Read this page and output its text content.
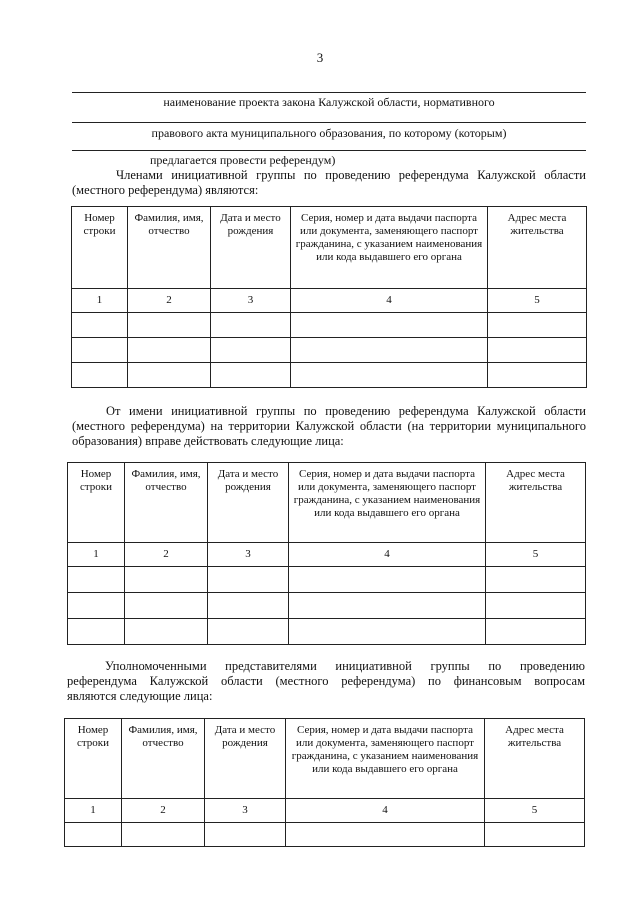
3
наименование проекта закона Калужской области, нормативного
правового акта муниципального образования, по которому (которым)
предлагается провести референдум)
Членами инициативной группы по проведению референдума Калужской области
(местного референдума) являются:
Номер строки	Фамилия, имя, отчество	Дата и место рождения	Серия, номер и дата выдачи паспорта или документа, заменяющего паспорт гражданина, с указанием наименования или кода выдавшего его органа	Адрес места жительства
1	2	3	4	5

От имени инициативной группы по проведению референдума Калужской области
(местного референдума) на территории Калужской области (на территории муниципального
образования) вправе действовать следующие лица:
Номер строки	Фамилия, имя, отчество	Дата и место рождения	Серия, номер и дата выдачи паспорта или документа, заменяющего паспорт гражданина, с указанием наименования или кода выдавшего его органа	Адрес места жительства
1	2	3	4	5

Уполномоченными представителями инициативной группы по проведению
референдума Калужской области (местного референдума) по финансовым вопросам
являются следующие лица:
Номер строки	Фамилия, имя, отчество	Дата и место рождения	Серия, номер и дата выдачи паспорта или документа, заменяющего паспорт гражданина, с указанием наименования или кода выдавшего его органа	Адрес места жительства
1	2	3	4	5
